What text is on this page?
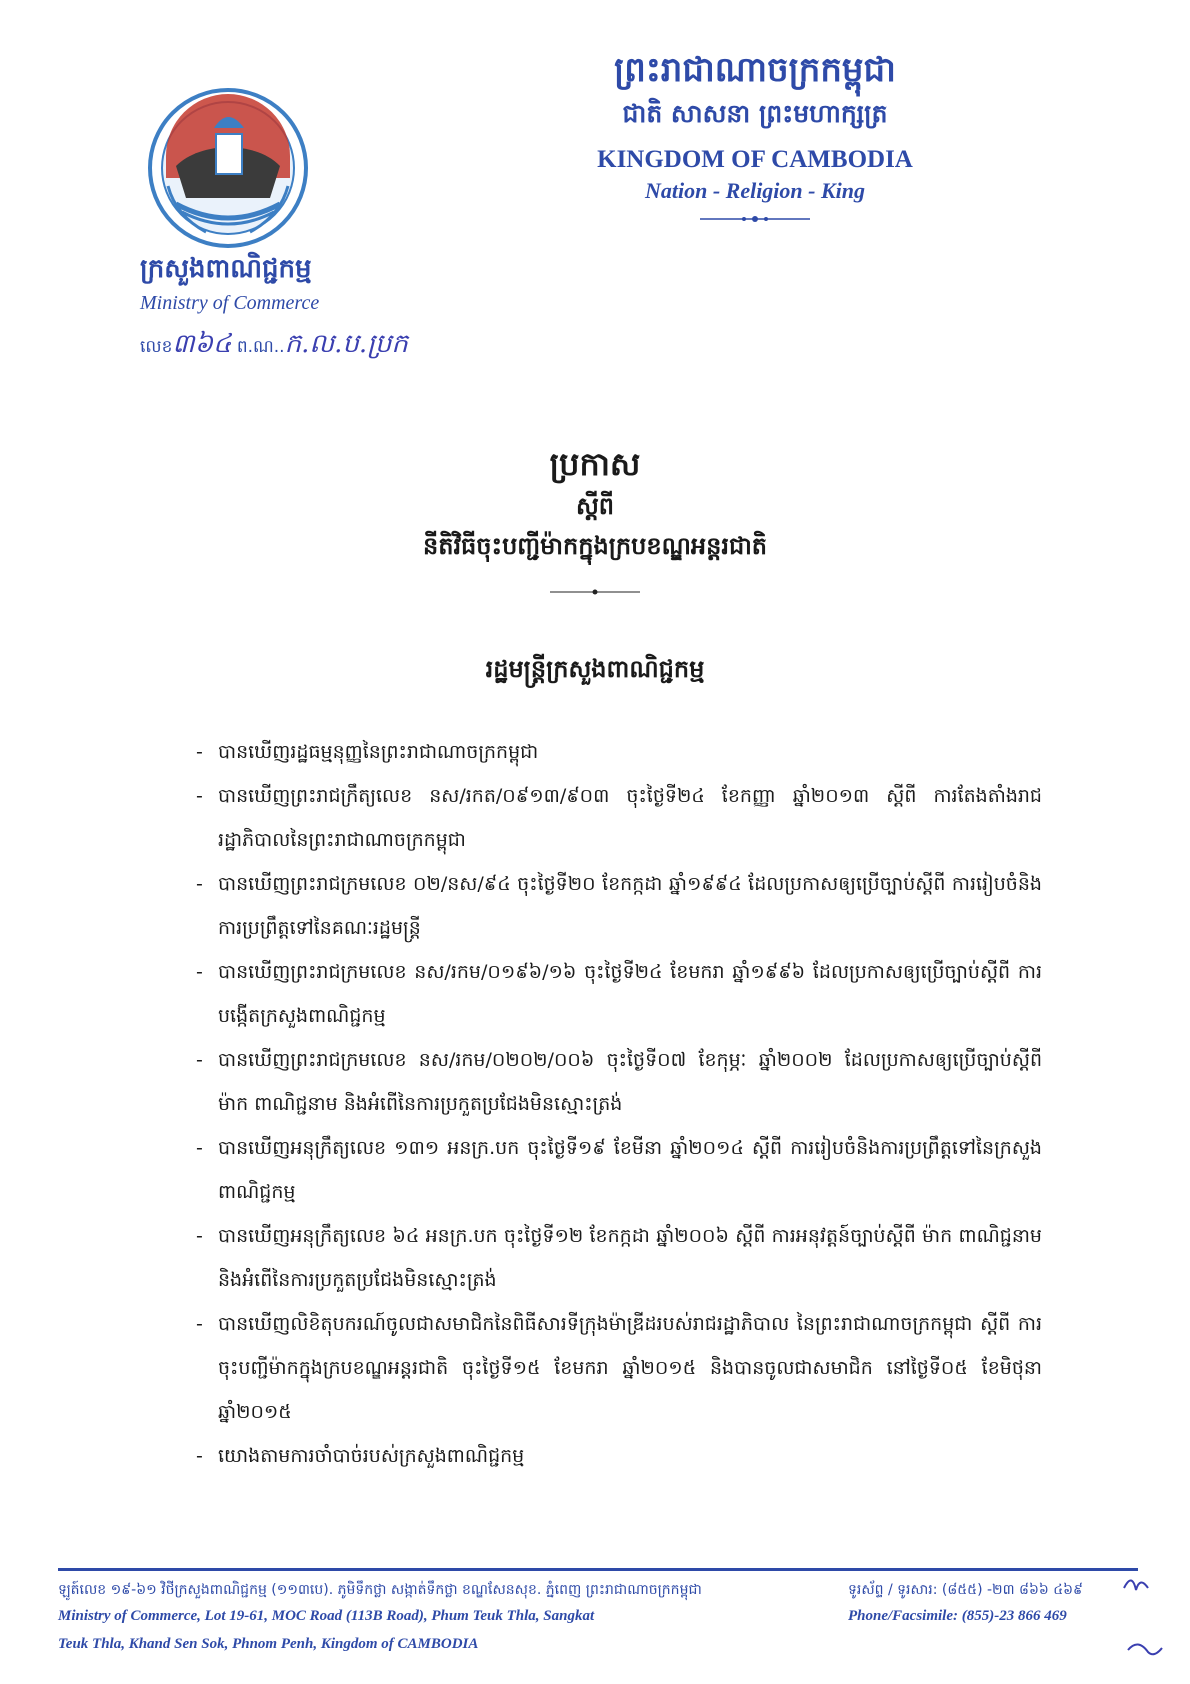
ក្រសួងពាណិជ្ជកម្ម
Ministry of Commerce
លេខ៣៦៤ ព.ណ..ក.ល.ប.ប្រក
ព្រះរាជាណាចក្រកម្ពុជា
ជាតិ សាសនា ព្រះមហាក្សត្រ
KINGDOM OF CAMBODIA
Nation - Religion - King
ប្រកាស
ស្តីពី
នីតិវិធីចុះបញ្ជីម៉ាកក្នុងក្របខណ្ឌអន្តរជាតិ
រដ្ឋមន្ត្រីក្រសួងពាណិជ្ជកម្ម
- បានឃើញរដ្ឋធម្មនុញ្ញនៃព្រះរាជាណាចក្រកម្ពុជា
- បានឃើញព្រះរាជក្រឹត្យលេខ នស/រកត/០៩១៣/៩០៣ ចុះថ្ងៃទី២៤ ខែកញ្ញា ឆ្នាំ២០១៣ ស្តីពី ការតែងតាំងរាជរដ្ឋាភិបាលនៃព្រះរាជាណាចក្រកម្ពុជា
- បានឃើញព្រះរាជក្រមលេខ ០២/នស/៩៤ ចុះថ្ងៃទី២០ ខែកក្កដា ឆ្នាំ១៩៩៤ ដែលប្រកាសឲ្យប្រើច្បាប់ស្តីពី ការរៀបចំនិងការប្រព្រឹត្តទៅនៃគណៈរដ្ឋមន្ត្រី
- បានឃើញព្រះរាជក្រមលេខ នស/រកម/០១៩៦/១៦ ចុះថ្ងៃទី២៤ ខែមករា ឆ្នាំ១៩៩៦ ដែលប្រកាសឲ្យប្រើច្បាប់ស្តីពី ការបង្កើតក្រសួងពាណិជ្ជកម្ម
- បានឃើញព្រះរាជក្រមលេខ នស/រកម/០២០២/០០៦ ចុះថ្ងៃទី០៧ ខែកុម្ភៈ ឆ្នាំ២០០២ ដែលប្រកាសឲ្យប្រើច្បាប់ស្តីពី ម៉ាក ពាណិជ្ជនាម និងអំពើនៃការប្រកួតប្រជែងមិនស្មោះត្រង់
- បានឃើញអនុក្រឹត្យលេខ ១៣១ អនក្រ.បក ចុះថ្ងៃទី១៩ ខែមីនា ឆ្នាំ២០១៤ ស្តីពី ការរៀបចំនិងការប្រព្រឹត្តទៅនៃក្រសួងពាណិជ្ជកម្ម
- បានឃើញអនុក្រឹត្យលេខ ៦៤ អនក្រ.បក ចុះថ្ងៃទី១២ ខែកក្កដា ឆ្នាំ២០០៦ ស្តីពី ការអនុវត្តន៍ច្បាប់ស្តីពី ម៉ាក ពាណិជ្ជនាម និងអំពើនៃការប្រកួតប្រជែងមិនស្មោះត្រង់
- បានឃើញលិខិតុបករណ៍ចូលជាសមាជិកនៃពិធីសារទីក្រុងម៉ាឌ្រីដរបស់រាជរដ្ឋាភិបាល នៃព្រះរាជាណាចក្រកម្ពុជា ស្តីពី ការចុះបញ្ជីម៉ាកក្នុងក្របខណ្ឌអន្តរជាតិ ចុះថ្ងៃទី១៥ ខែមករា ឆ្នាំ២០១៥ និងបានចូលជាសមាជិក នៅថ្ងៃទី០៥ ខែមិថុនា ឆ្នាំ២០១៥
- យោងតាមការចាំបាច់របស់ក្រសួងពាណិជ្ជកម្ម
ឡូត៍លេខ ១៩-៦១ វិថីក្រសួងពាណិជ្ជកម្ម (១១៣បេ). ភូមិទឹកថ្លា សង្កាត់ទឹកថ្លា ខណ្ឌសែនសុខ. ភ្នំពេញ ព្រះរាជាណាចក្រកម្ពុជា
Ministry of Commerce, Lot 19-61, MOC Road (113B Road), Phum Teuk Thla, Sangkat
Teuk Thla, Khand Sen Sok, Phnom Penh, Kingdom of CAMBODIA
ទូរស័ព្ទ / ទូរសារ: (៨៥៥) -២៣ ៨៦៦ ៤៦៩
Phone/Facsimile: (855)-23 866 469
